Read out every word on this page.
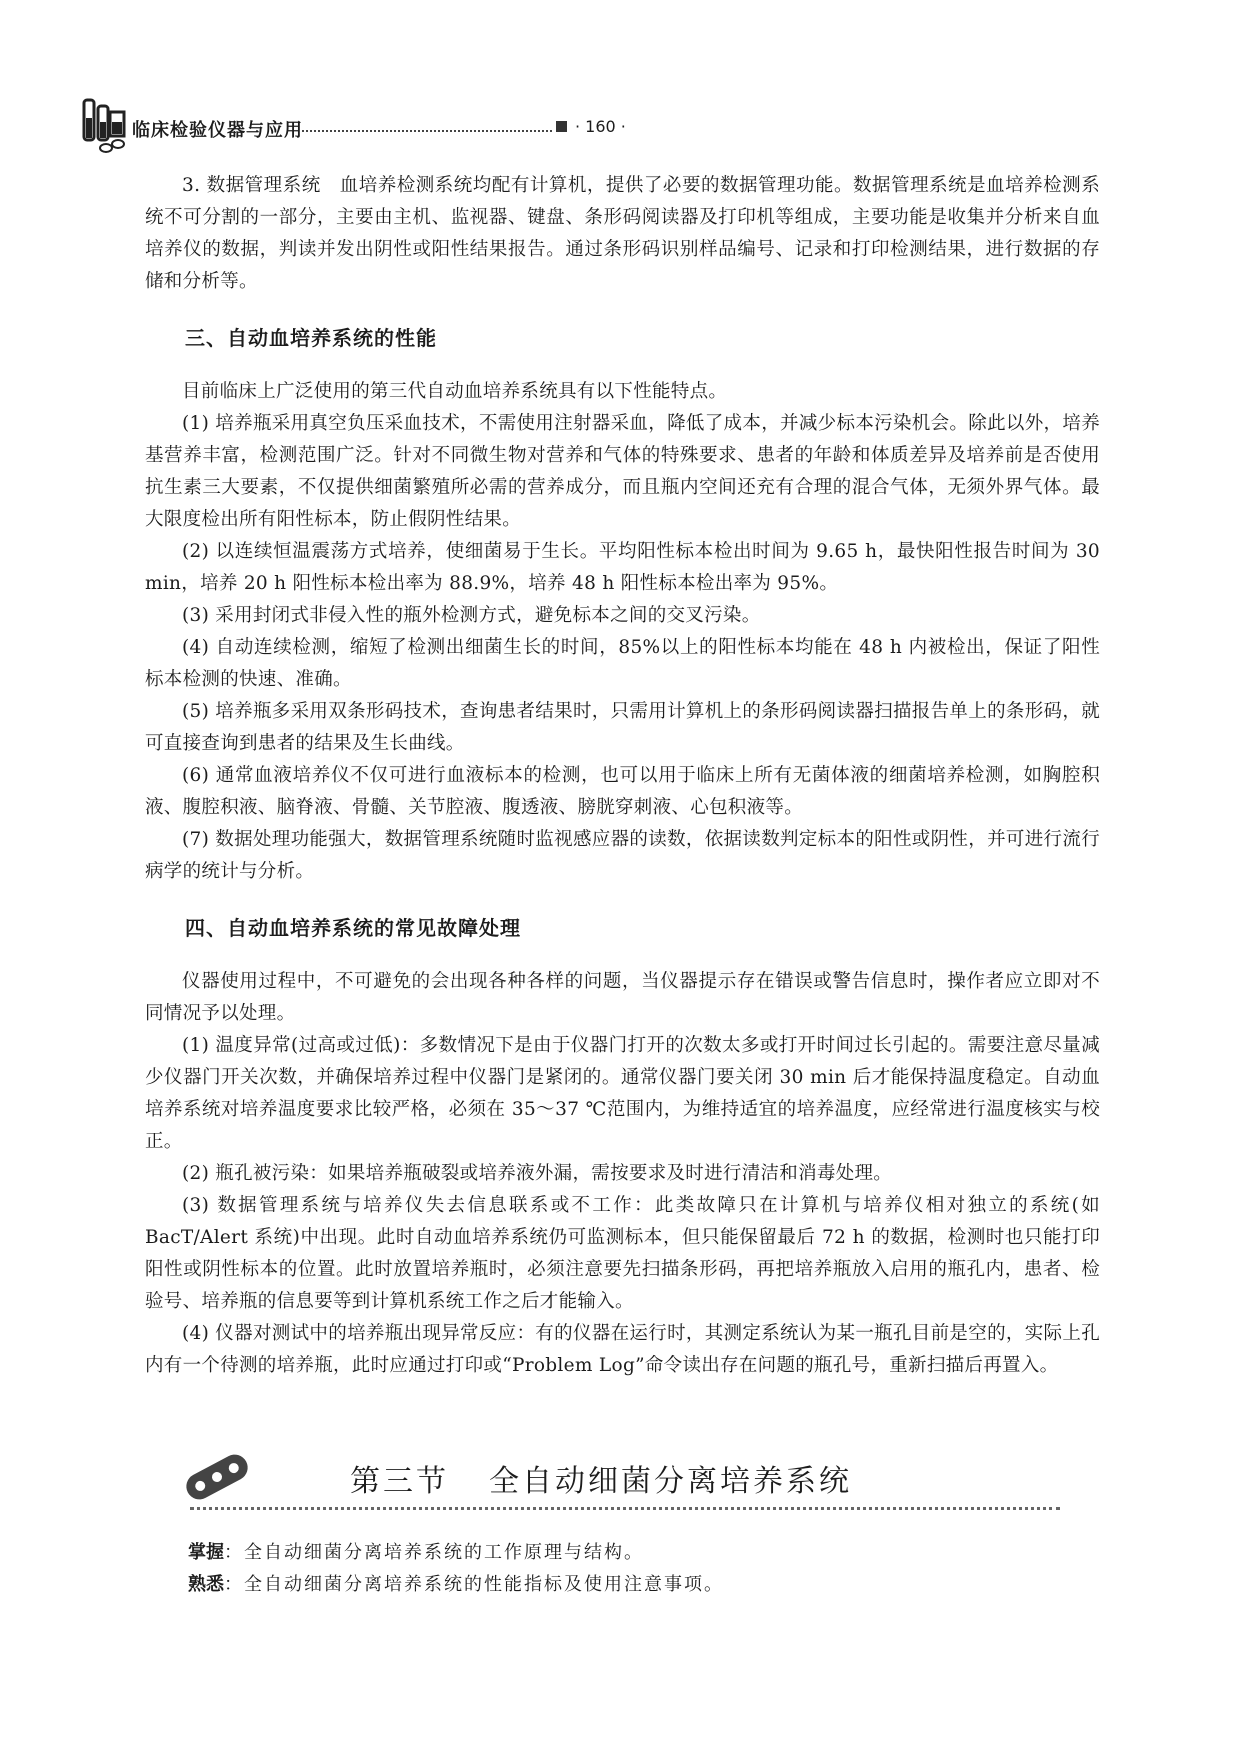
临床检验仪器与应用	· 160 ·

3. 数据管理系统　血培养检测系统均配有计算机，提供了必要的数据管理功能。数据管理系统是血培养检测系统不可分割的一部分，主要由主机、监视器、键盘、条形码阅读器及打印机等组成，主要功能是收集并分析来自血培养仪的数据，判读并发出阴性或阳性结果报告。通过条形码识别样品编号、记录和打印检测结果，进行数据的存储和分析等。

三、自动血培养系统的性能

目前临床上广泛使用的第三代自动血培养系统具有以下性能特点。

(1) 培养瓶采用真空负压采血技术，不需使用注射器采血，降低了成本，并减少标本污染机会。除此以外，培养基营养丰富，检测范围广泛。针对不同微生物对营养和气体的特殊要求、患者的年龄和体质差异及培养前是否使用抗生素三大要素，不仅提供细菌繁殖所必需的营养成分，而且瓶内空间还充有合理的混合气体，无须外界气体。最大限度检出所有阳性标本，防止假阴性结果。

(2) 以连续恒温震荡方式培养，使细菌易于生长。平均阳性标本检出时间为 9.65 h，最快阳性报告时间为 30 min，培养 20 h 阳性标本检出率为 88.9%，培养 48 h 阳性标本检出率为 95%。

(3) 采用封闭式非侵入性的瓶外检测方式，避免标本之间的交叉污染。

(4) 自动连续检测，缩短了检测出细菌生长的时间，85%以上的阳性标本均能在 48 h 内被检出，保证了阳性标本检测的快速、准确。

(5) 培养瓶多采用双条形码技术，查询患者结果时，只需用计算机上的条形码阅读器扫描报告单上的条形码，就可直接查询到患者的结果及生长曲线。

(6) 通常血液培养仪不仅可进行血液标本的检测，也可以用于临床上所有无菌体液的细菌培养检测，如胸腔积液、腹腔积液、脑脊液、骨髓、关节腔液、腹透液、膀胱穿刺液、心包积液等。

(7) 数据处理功能强大，数据管理系统随时监视感应器的读数，依据读数判定标本的阳性或阴性，并可进行流行病学的统计与分析。

四、自动血培养系统的常见故障处理

仪器使用过程中，不可避免的会出现各种各样的问题，当仪器提示存在错误或警告信息时，操作者应立即对不同情况予以处理。

(1) 温度异常(过高或过低)：多数情况下是由于仪器门打开的次数太多或打开时间过长引起的。需要注意尽量减少仪器门开关次数，并确保培养过程中仪器门是紧闭的。通常仪器门要关闭 30 min 后才能保持温度稳定。自动血培养系统对培养温度要求比较严格，必须在 35～37 ℃范围内，为维持适宜的培养温度，应经常进行温度核实与校正。

(2) 瓶孔被污染：如果培养瓶破裂或培养液外漏，需按要求及时进行清洁和消毒处理。

(3) 数据管理系统与培养仪失去信息联系或不工作：此类故障只在计算机与培养仪相对独立的系统(如 BacT/Alert 系统)中出现。此时自动血培养系统仍可监测标本，但只能保留最后 72 h 的数据，检测时也只能打印阳性或阴性标本的位置。此时放置培养瓶时，必须注意要先扫描条形码，再把培养瓶放入启用的瓶孔内，患者、检验号、培养瓶的信息要等到计算机系统工作之后才能输入。

(4) 仪器对测试中的培养瓶出现异常反应：有的仪器在运行时，其测定系统认为某一瓶孔目前是空的，实际上孔内有一个待测的培养瓶，此时应通过打印或“Problem Log”命令读出存在问题的瓶孔号，重新扫描后再置入。

第三节 全自动细菌分离培养系统

掌握：全自动细菌分离培养系统的工作原理与结构。

熟悉：全自动细菌分离培养系统的性能指标及使用注意事项。
